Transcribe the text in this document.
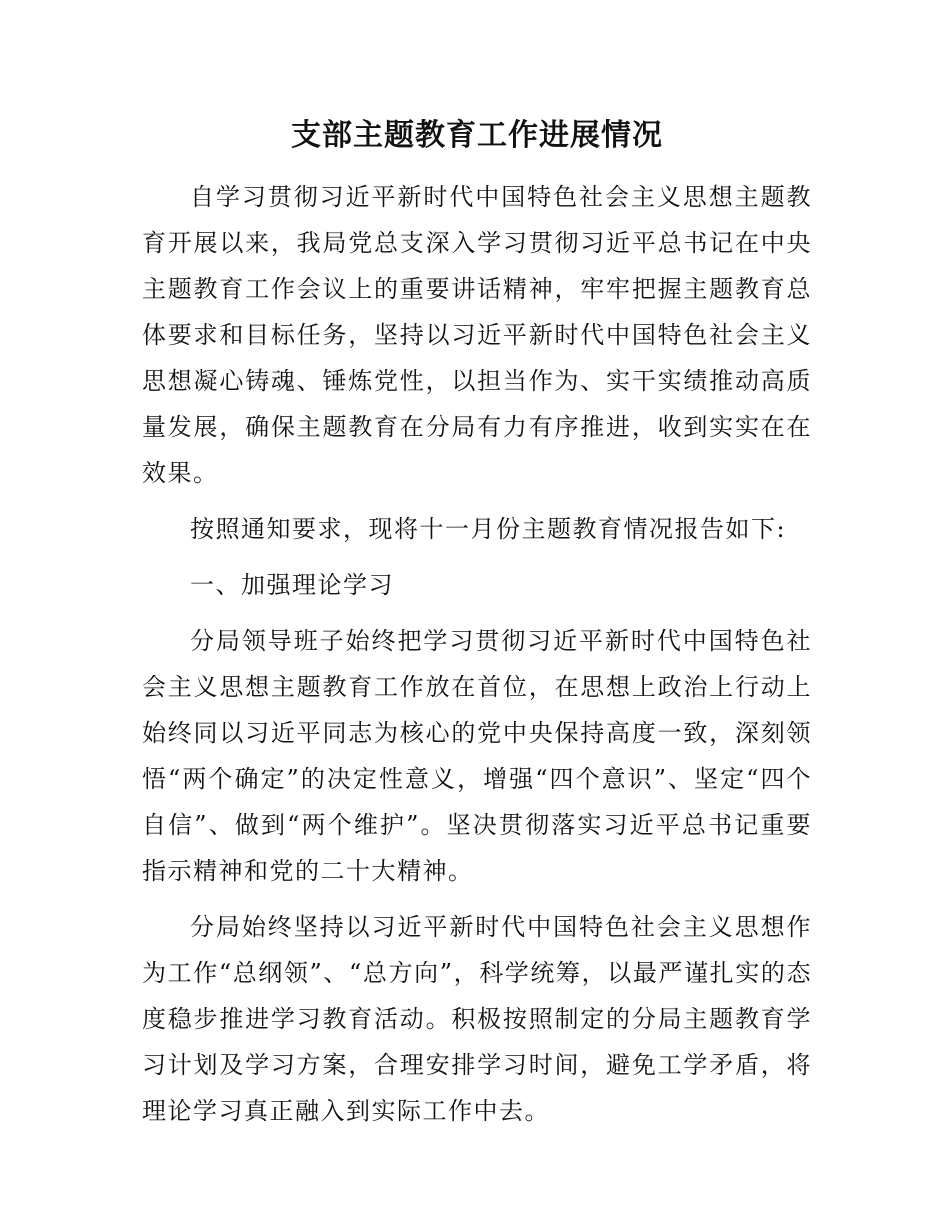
支部主题教育工作进展情况

自学习贯彻习近平新时代中国特色社会主义思想主题教育开展以来，我局党总支深入学习贯彻习近平总书记在中央主题教育工作会议上的重要讲话精神，牢牢把握主题教育总体要求和目标任务，坚持以习近平新时代中国特色社会主义思想凝心铸魂、锤炼党性，以担当作为、实干实绩推动高质量发展，确保主题教育在分局有力有序推进，收到实实在在效果。

按照通知要求，现将十一月份主题教育情况报告如下:

一、加强理论学习

分局领导班子始终把学习贯彻习近平新时代中国特色社会主义思想主题教育工作放在首位，在思想上政治上行动上始终同以习近平同志为核心的党中央保持高度一致，深刻领悟“两个确定”的决定性意义，增强“四个意识”、坚定“四个自信”、做到“两个维护”。坚决贯彻落实习近平总书记重要指示精神和党的二十大精神。

分局始终坚持以习近平新时代中国特色社会主义思想作为工作“总纲领”、“总方向”，科学统筹，以最严谨扎实的态度稳步推进学习教育活动。积极按照制定的分局主题教育学习计划及学习方案，合理安排学习时间，避免工学矛盾，将理论学习真正融入到实际工作中去。
